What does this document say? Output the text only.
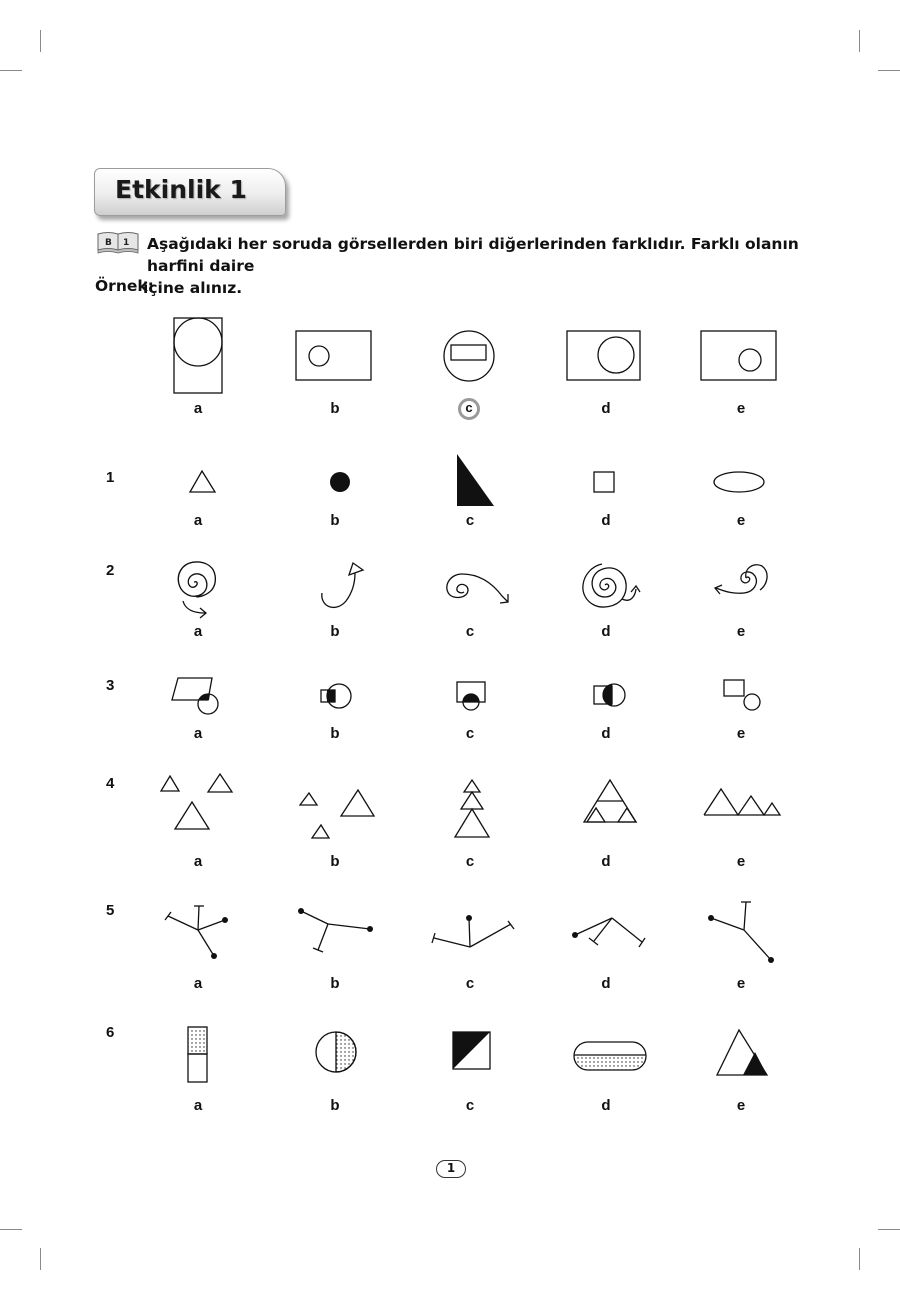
Etkinlik 1
B 1 Aşağıdaki her soruda görsellerden biri diğerlerinden farklıdır. Farklı olanın harfini daire
içine alınız.

Örnek:
a	b	c	d	e
1
a	b	c	d	e
2
a	b	c	d	e
3
a	b	c	d	e
4
a	b	c	d	e
5
a	b	c	d	e
6
a	b	c	d	e
1
